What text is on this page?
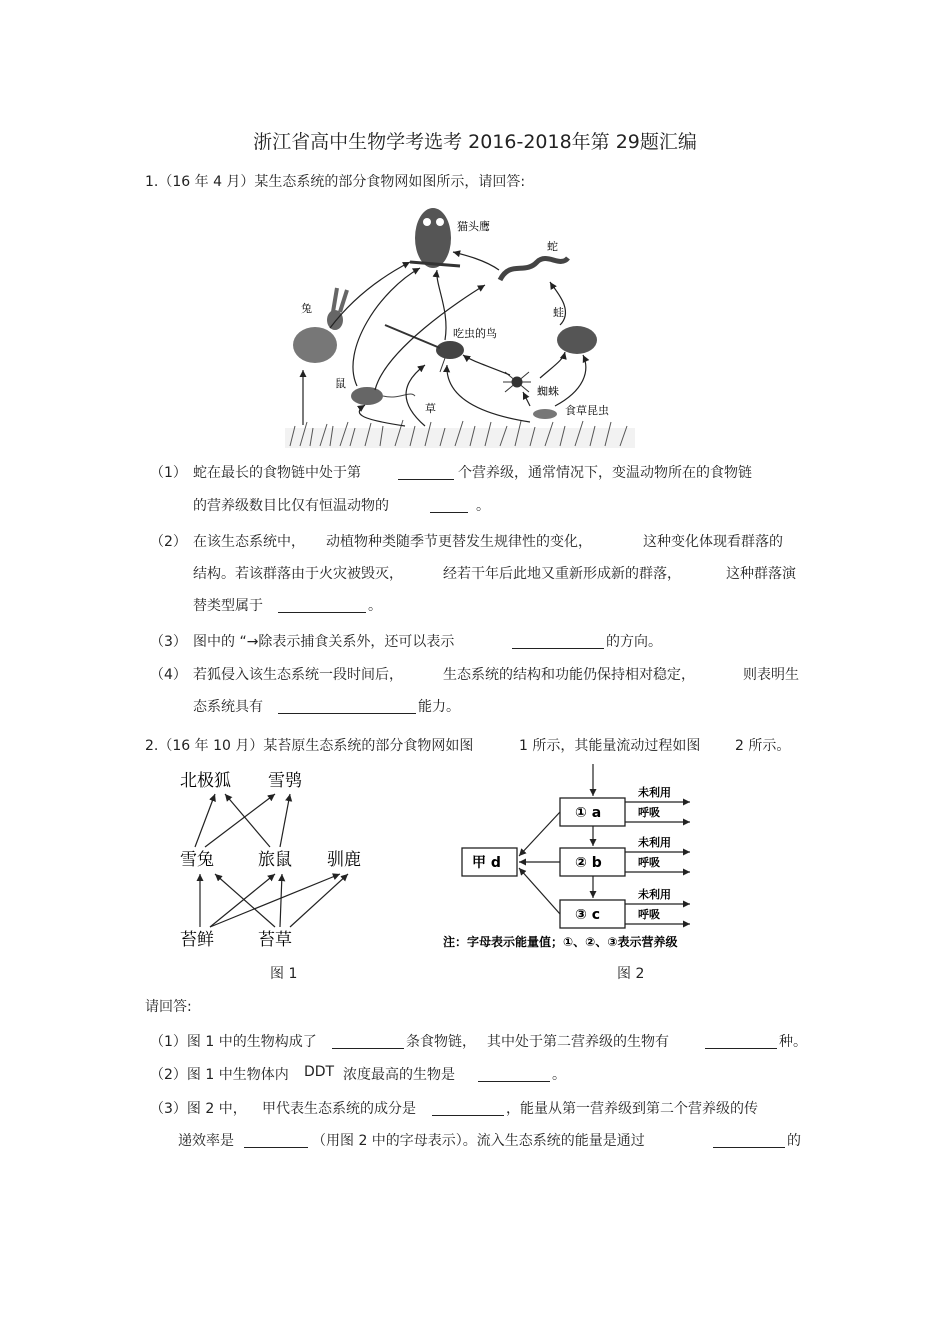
浙江省高中生物学考选考 2016-2018年第 29题汇编
1.（16 年 4 月）某生态系统的部分食物网如图所示，请回答:
猫头鹰
蛇
兔
吃虫的鸟
蛙
鼠
蜘蛛
草	食草昆虫
（1） 蛇在最长的食物链中处于第	个营养级，通常情况下，变温动物所在的食物链
的营养级数目比仅有恒温动物的	。
（2） 在该生态系统中， 动植物种类随季节更替发生规律性的变化，	这种变化体现看群落的
结构。若该群落由于火灾被毁灭，	经若干年后此地又重新形成新的群落，	这种群落演
替类型属于	。
（3） 图中的 “→除表示捕食关系外，还可以表示	的方向。
（4） 若狐侵入该生态系统一段时间后，	生态系统的结构和功能仍保持相对稳定，	则表明生
态系统具有	能力。
2.（16 年 10 月）某苔原生态系统的部分食物网如图	1 所示，其能量流动过程如图 2 所示。
北极狐 雪鸮
雪兔	旅鼠 驯鹿
苔鲜	苔草
图 1
① a
② b
③ c
甲 d
未利用
呼吸
未利用
呼吸
未利用
呼吸
注：字母表示能量值；①、②、③表示营养级
图 2
请回答:
（1）图 1 中的生物构成了	条食物链， 其中处于第二营养级的生物有	种。
（2）图 1 中生物体内 DDT 浓度最高的生物是	。
（3）图 2 中， 甲代表生态系统的成分是	，能量从第一营养级到第二个营养级的传
递效率是	（用图 2 中的字母表示）。流入生态系统的能量是通过	的
